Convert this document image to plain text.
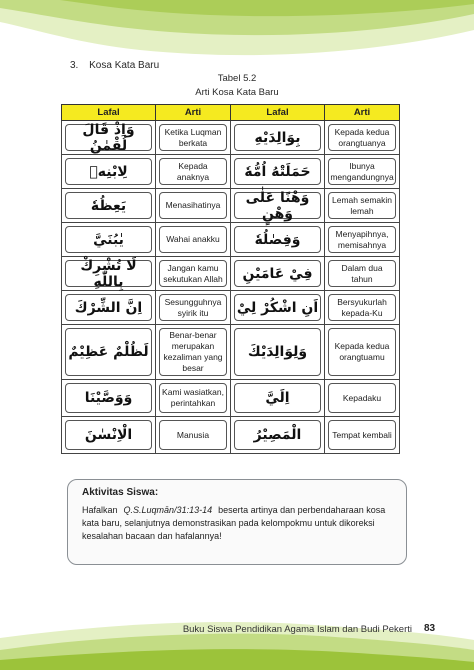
3. Kosa Kata Baru
Tabel 5.2
Arti Kosa Kata Baru
Lafal	Arti	Lafal	Arti

وَاِذْ قَالَ لُقْمٰنُ	Ketika Luqman berkata	بِوَالِدَيْهِ	Kepada kedua orangtuanya

لِابْنِهٖ	Kepada anaknya	حَمَلَتْهُ اُمُّهٗ	Ibunya mengandungnya

يَعِظُهٗ	Menasihatinya	وَهْنًا عَلٰى وَهْنٍ	Lemah semakin lemah

يٰبُنَيَّ	Wahai anakku	وَفِصٰلُهٗ	Menyapihnya, memisahnya

لَا تُشْرِكْ بِاللّٰهِ	Jangan kamu sekutukan Allah	فِيْ عَامَيْنِ	Dalam dua tahun

اِنَّ الشِّرْكَ	Sesungguhnya syirik itu	اَنِ اشْكُرْ لِيْ	Bersyukurlah kepada-Ku

لَظُلْمٌ عَظِيْمٌ	Benar-benar merupakan kezaliman yang besar	وَلِوَالِدَيْكَ	Kepada kedua orangtuamu

وَوَصَّيْنَا	Kami wasiatkan, perintahkan	اِلَيَّ	Kepadaku

الْاِنْسٰنَ	Manusia	الْمَصِيْرُ	Tempat kembali
Aktivitas Siswa:
Hafalkan Q.S.Luqmān/31:13-14 beserta artinya dan perbendaharaan kosa
kata baru, selanjutnya demonstrasikan pada kelompokmu untuk dikoreksi
kesalahan bacaan dan hafalannya!
Buku Siswa Pendidikan Agama Islam dan Budi Pekerti 83
